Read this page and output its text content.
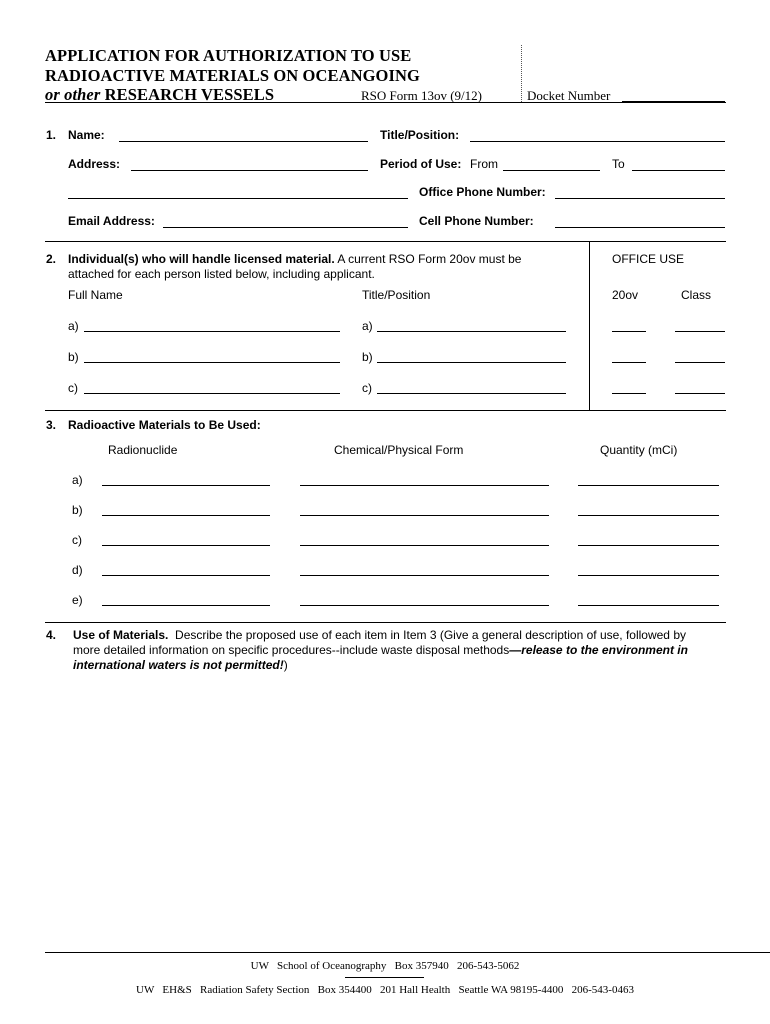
APPLICATION FOR AUTHORIZATION TO USE
RADIOACTIVE MATERIALS ON OCEANGOING
or other RESEARCH VESSELS	RSO Form 13ov (9/12)	Docket Number
1. Name:	Title/Position:
Address:	Period of Use: From	To
Office Phone Number:
Email Address:	Cell Phone Number:
2. Individual(s) who will handle licensed material. A current RSO Form 20ov must be
attached for each person listed below, including applicant.
OFFICE USE
Full Name	Title/Position	20ov	Class
a)	a)
b)	b)
c)	c)
3. Radioactive Materials to Be Used:
Radionuclide	Chemical/Physical Form	Quantity (mCi)
a)
b)
c)
d)
e)
4. Use of Materials. Describe the proposed use of each item in Item 3 (Give a general description of use, followed by
more detailed information on specific procedures--include waste disposal methods—release to the environment in
international waters is not permitted!)
UW   School of Oceanography   Box 357940   206-543-5062
UW   EH&S   Radiation Safety Section   Box 354400   201 Hall Health   Seattle WA 98195-4400   206-543-0463
